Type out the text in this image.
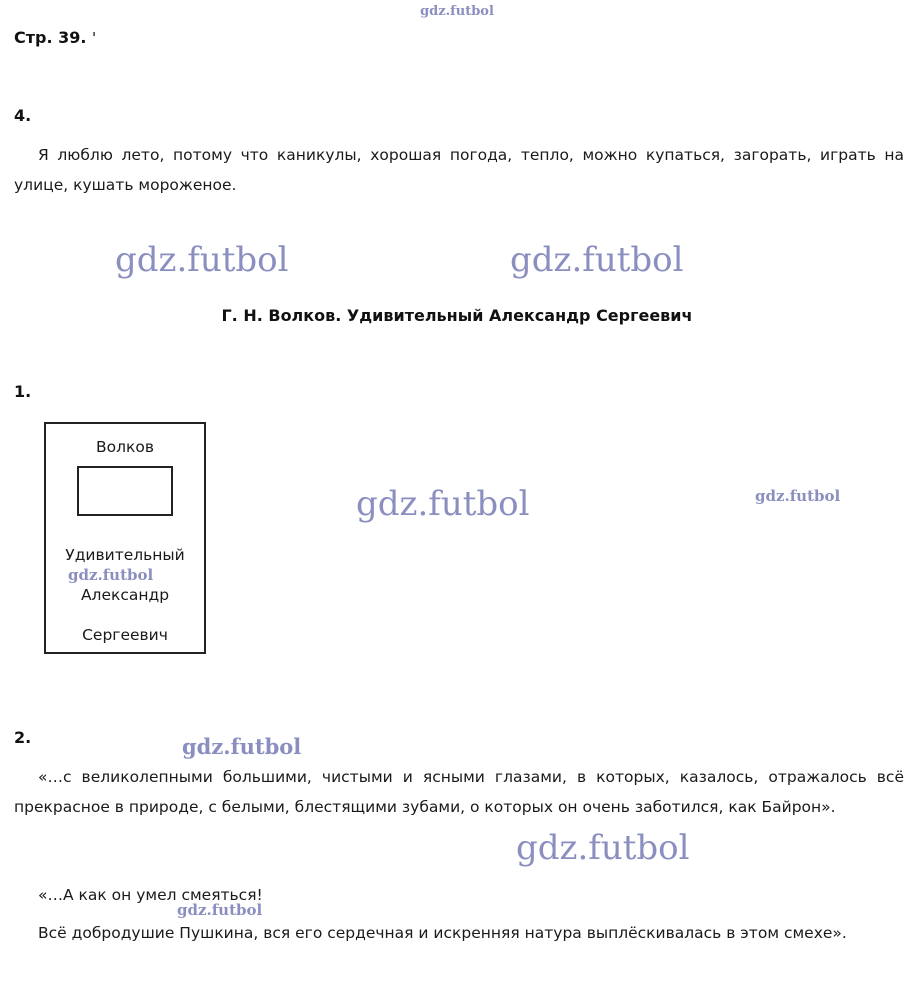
gdz.futbol
Стр. 39. '
4.
Я люблю лето, потому что каникулы, хорошая погода, тепло, можно купаться, загорать, играть на улице, кушать мороженое.
gdz.futbol	gdz.futbol
Г. Н. Волков. Удивительный Александр Сергеевич
1.
Волков
Удивительный
Александр
Сергеевич
gdz.futbol	gdz.futbol
gdz.futbol
2.	gdz.futbol
«…с великолепными большими, чистыми и ясными глазами, в которых, казалось, отражалось всё прекрасное в природе, с белыми, блестящими зубами, о которых он очень заботился, как Байрон».
«…А как он умел смеяться!
Всё добродушие Пушкина, вся его сердечная и искренняя натура выплёскивалась в этом смехе».
gdz.futbol
gdz.futbol
